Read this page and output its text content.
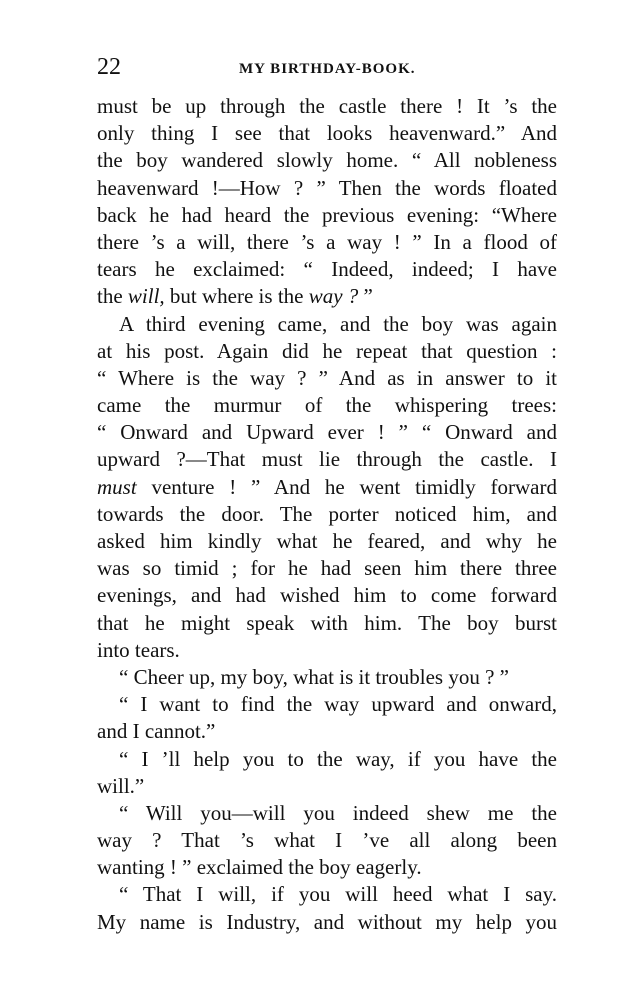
22	MY BIRTHDAY-BOOK.
must be up through the castle there ! It ’s the
only thing I see that looks heavenward.” And
the boy wandered slowly home. “ All nobleness
heavenward !—How ? ” Then the words floated
back he had heard the previous evening: “Where
there ’s a will, there ’s a way ! ” In a flood of
tears he exclaimed: “ Indeed, indeed; I have
the will, but where is the way ? ”
A third evening came, and the boy was again
at his post. Again did he repeat that question :
“ Where is the way ? ” And as in answer to it
came the murmur of the whispering trees:
“ Onward and Upward ever ! ” “ Onward and
upward ?—That must lie through the castle. I
must venture ! ” And he went timidly forward
towards the door. The porter noticed him, and
asked him kindly what he feared, and why he
was so timid ; for he had seen him there three
evenings, and had wished him to come forward
that he might speak with him. The boy burst
into tears.
“ Cheer up, my boy, what is it troubles you ? ”
“ I want to find the way upward and onward,
and I cannot.”
“ I ’ll help you to the way, if you have the
will.”
“ Will you—will you indeed shew me the
way ? That ’s what I ’ve all along been
wanting ! ” exclaimed the boy eagerly.
“ That I will, if you will heed what I say.
My name is Industry, and without my help you
